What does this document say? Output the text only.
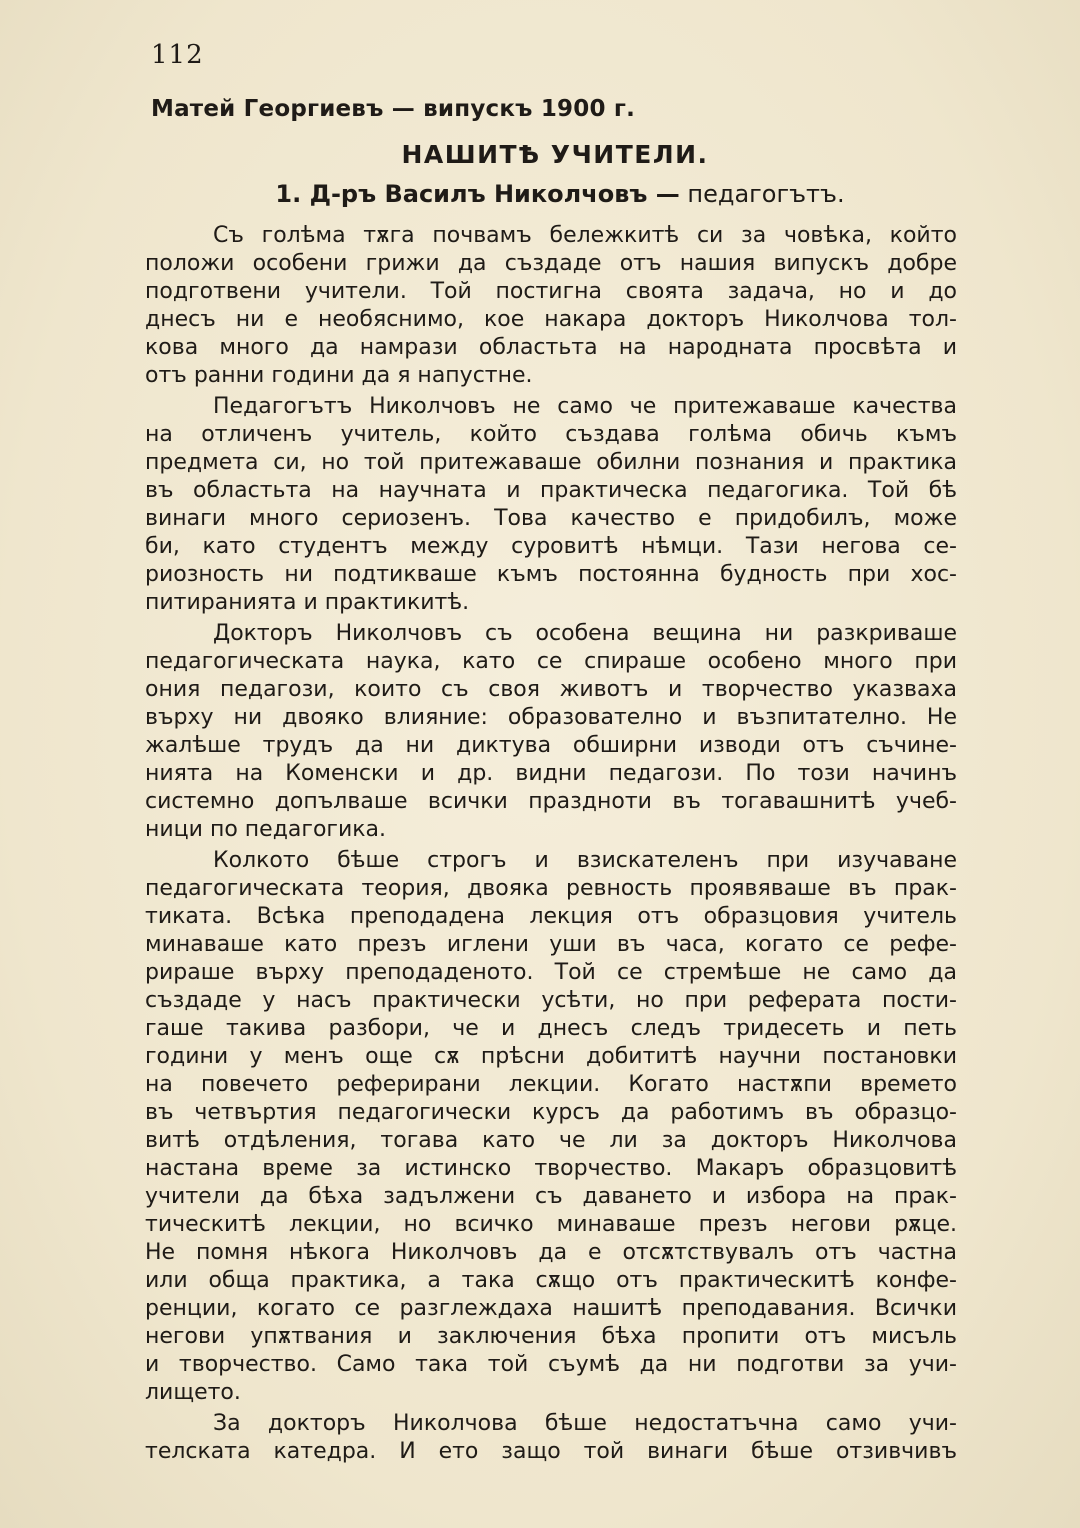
112
Матей Георгиевъ — випускъ 1900 г.
НАШИТѢ УЧИТЕЛИ.
1. Д-ръ Василъ Николчовъ — педагогътъ.
Съ голѣма тѫга почвамъ бележкитѣ си за човѣка, който
положи особени грижи да създаде отъ нашия випускъ добре
подготвени учители. Той постигна своята задача, но и до
днесъ ни е необяснимо, кое накара докторъ Николчова тол-
кова много да намрази областьта на народната просвѣта и
отъ ранни години да я напустне.
Педагогътъ Николчовъ не само че притежаваше качества
на отличенъ учитель, който създава голѣма обичь къмъ
предмета си, но той притежаваше обилни познания и практика
въ областьта на научната и практическа педагогика. Той бѣ
винаги много сериозенъ. Това качество е придобилъ, може
би, като студентъ между суровитѣ нѣмци. Тази негова се-
риозность ни подтикваше къмъ постоянна будность при хос-
питиранията и практикитѣ.
Докторъ Николчовъ съ особена вещина ни разкриваше
педагогическата наука, като се спираше особено много при
ония педагози, които съ своя животъ и творчество указваха
върху ни двояко влияние: образователно и възпитателно. Не
жалѣше трудъ да ни диктува обширни изводи отъ съчине-
нията на Коменски и др. видни педагози. По този начинъ
системно допълваше всички празднoти въ тогавашнитѣ учеб-
ници по педагогика.
Колкото бѣше строгъ и взискателенъ при изучаване
педагогическата теория, двояка ревность проявяваше въ прак-
тиката. Всѣка преподадена лекция отъ образцовия учитель
минаваше като презъ иглени уши въ часа, когато се рефе-
рираше върху преподаденото. Той се стремѣше не само да
създаде у насъ практически усѣти, но при реферата пости-
гаше такива разбори, че и днесъ следъ тридесеть и петь
години у менъ още сѫ прѣсни добититѣ научни постановки
на повечето реферирани лекции. Когато настѫпи времето
въ четвъртия педагогически курсъ да работимъ въ образцо-
витѣ отдѣления, тогава като че ли за докторъ Николчова
настана време за истинско творчество. Макаръ образцовитѣ
учители да бѣха задължени съ даването и избора на прак-
тическитѣ лекции, но всичко минаваше презъ негови рѫце.
Не помня нѣкога Николчовъ да е отсѫтствувалъ отъ частна
или обща практика, а така сѫщо отъ практическитѣ конфе-
ренции, когато се разглеждаха нашитѣ преподавания. Всички
негови упѫтвания и заключения бѣха пропити отъ мисъль
и творчество. Само така той съумѣ да ни подготви за учи-
лището.
За докторъ Николчова бѣше недостатъчна само учи-
телската катедра. И ето защо той винаги бѣше отзивчивъ
